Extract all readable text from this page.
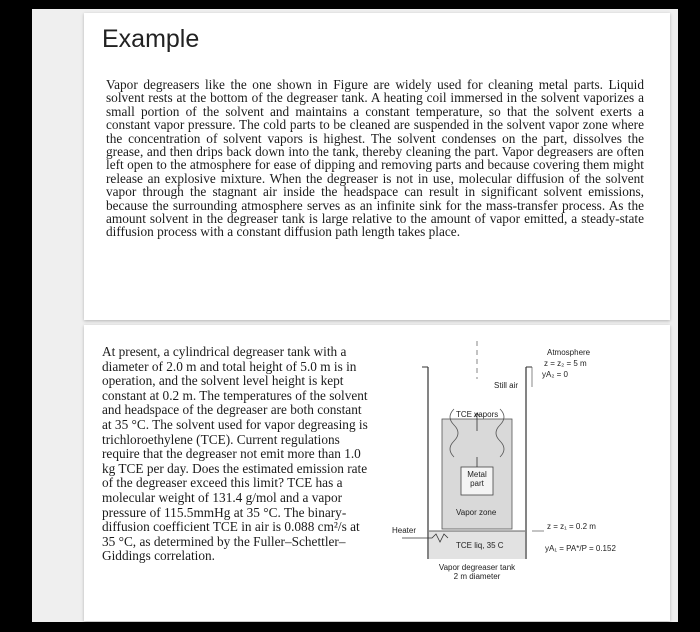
Example

Vapor degreasers like the one shown in Figure are widely used for cleaning metal parts. Liquid solvent rests at the bottom of the degreaser tank. A heating coil immersed in the solvent vaporizes a small portion of the solvent and maintains a constant temperature, so that the solvent exerts a constant vapor pressure. The cold parts to be cleaned are suspended in the solvent vapor zone where the concentration of solvent vapors is highest. The solvent condenses on the part, dissolves the grease, and then drips back down into the tank, thereby cleaning the part. Vapor degreasers are often left open to the atmosphere for ease of dipping and removing parts and because covering them might release an explosive mixture. When the degreaser is not in use, molecular diffusion of the solvent vapor through the stagnant air inside the headspace can result in significant solvent emissions, because the surrounding atmosphere serves as an infinite sink for the mass-transfer process. As the amount solvent in the degreaser tank is large relative to the amount of vapor emitted, a steady-state diffusion process with a constant diffusion path length takes place.

At present, a cylindrical degreaser tank with a diameter of 2.0 m and total height of 5.0 m is in operation, and the solvent level height is kept constant at 0.2 m. The temperatures of the solvent and headspace of the degreaser are both constant at 35 °C. The solvent used for vapor degreasing is trichloroethylene (TCE). Current regulations require that the degreaser not emit more than 1.0 kg TCE per day. Does the estimated emission rate of the degreaser exceed this limit? TCE has a molecular weight of 131.4 g/mol and a vapor pressure of 115.5mmHg at 35 °C. The binary-diffusion coefficient TCE in air is 0.088 cm²/s at 35 °C, as determined by the Fuller–Schettler–Giddings correlation.

Atmosphere
z = z₂ = 5 m
yA₂ = 0
Still air
TCE vapors
Metal part
Vapor zone
Heater
TCE liq, 35 C
z = z₁ = 0.2 m
yA₁ = PA*/P = 0.152
Vapor degreaser tank
2 m diameter
